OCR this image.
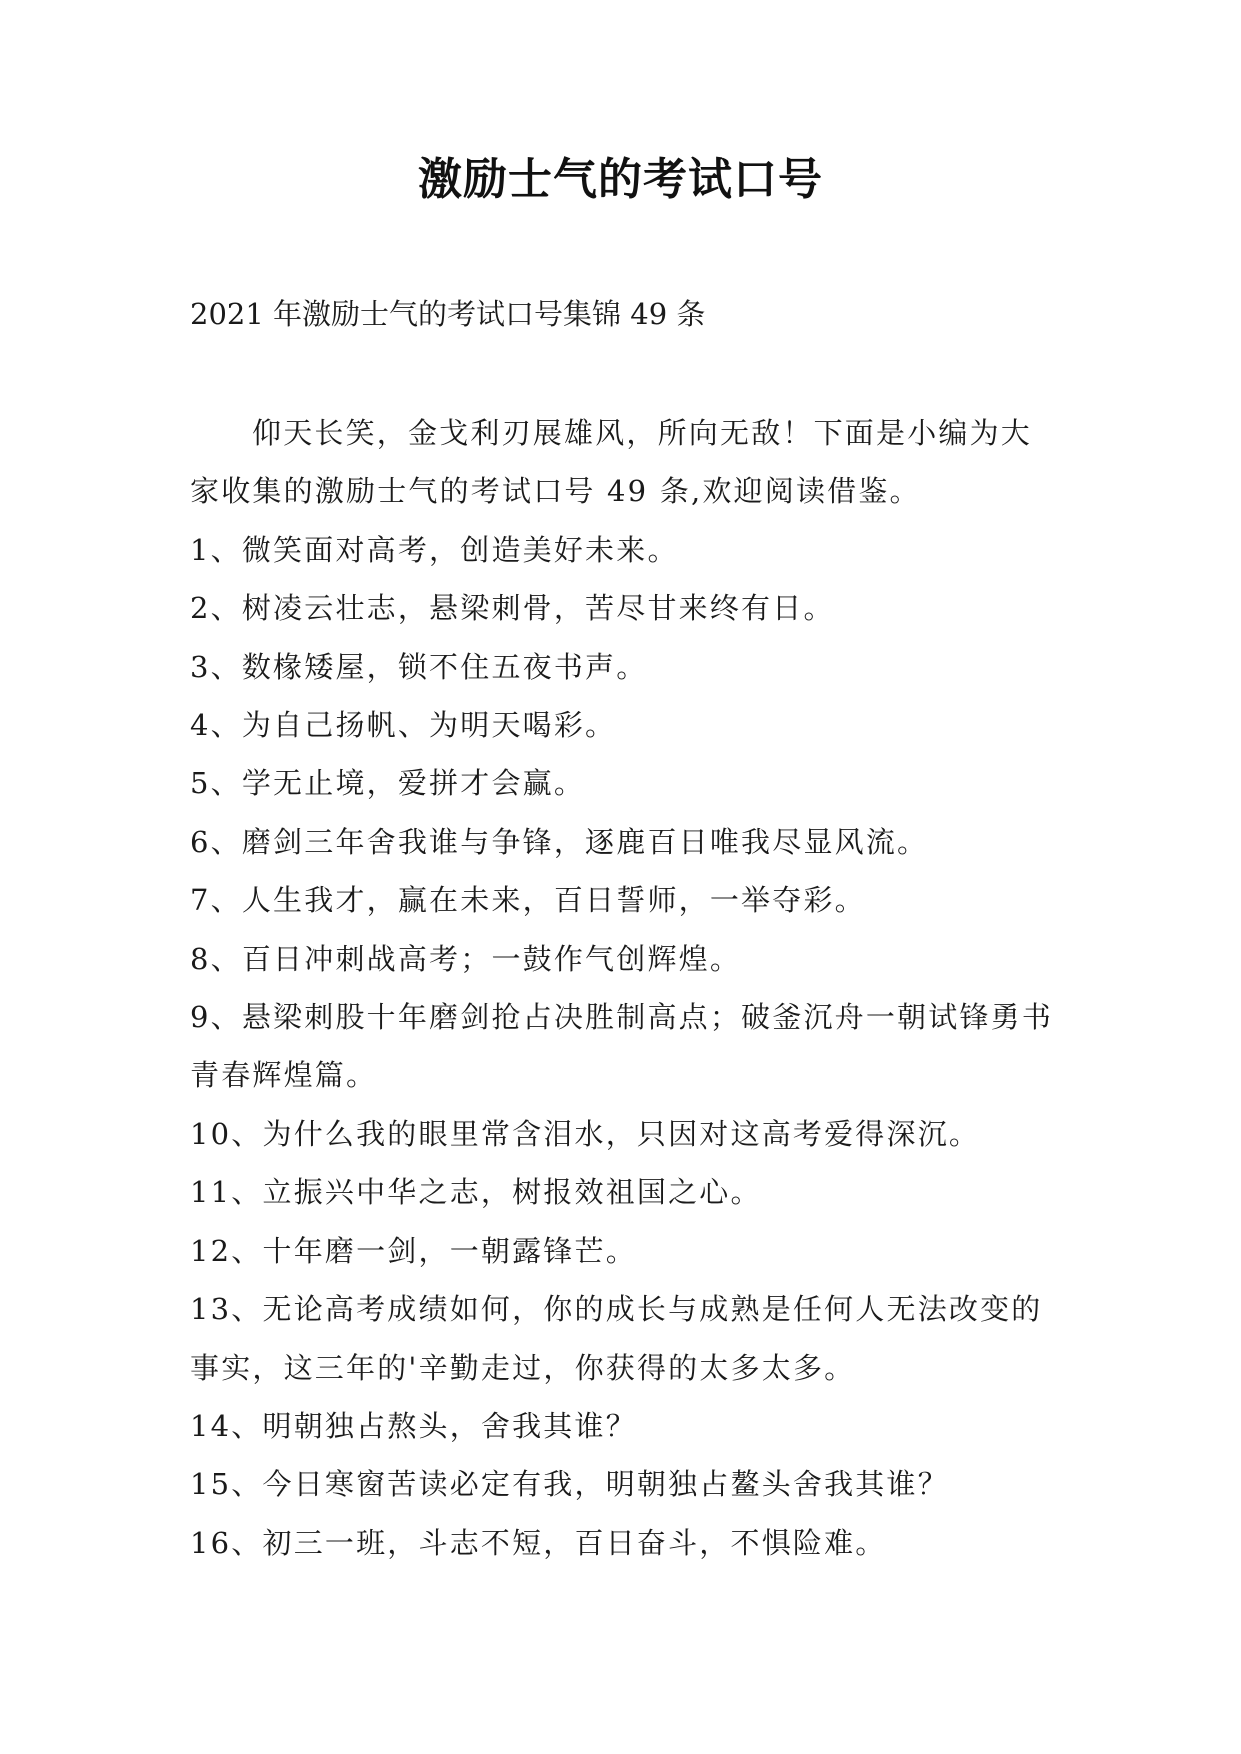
激励士气的考试口号
2021 年激励士气的考试口号集锦 49 条

仰天长笑，金戈利刃展雄风，所向无敌！下面是小编为大家收集的激励士气的考试口号 49 条,欢迎阅读借鉴。

1、微笑面对高考，创造美好未来。

2、树凌云壮志，悬梁刺骨，苦尽甘来终有日。

3、数椽矮屋，锁不住五夜书声。

4、为自己扬帆、为明天喝彩。

5、学无止境，爱拼才会赢。

6、磨剑三年舍我谁与争锋，逐鹿百日唯我尽显风流。

7、人生我才，赢在未来，百日誓师，一举夺彩。

8、百日冲刺战高考；一鼓作气创辉煌。

9、悬梁刺股十年磨剑抢占决胜制高点；破釜沉舟一朝试锋勇书青春辉煌篇。

10、为什么我的眼里常含泪水，只因对这高考爱得深沉。

11、立振兴中华之志，树报效祖国之心。

12、十年磨一剑，一朝露锋芒。

13、无论高考成绩如何，你的成长与成熟是任何人无法改变的事实，这三年的'辛勤走过，你获得的太多太多。

14、明朝独占熬头，舍我其谁？

15、今日寒窗苦读必定有我，明朝独占鳌头舍我其谁？

16、初三一班，斗志不短，百日奋斗，不惧险难。
